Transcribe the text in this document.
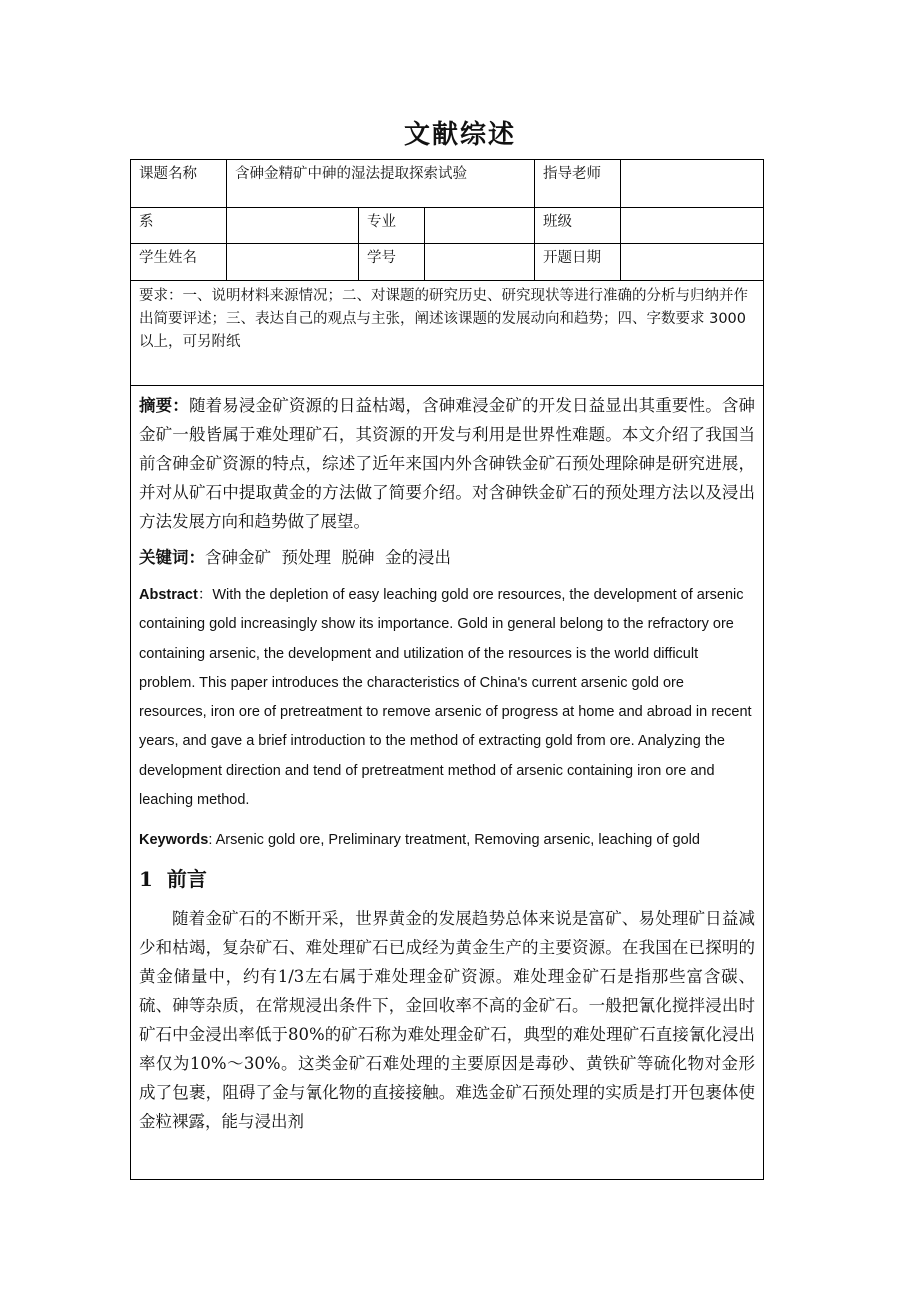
文献综述
课题名称	含砷金精矿中砷的湿法提取探索试验	指导老师
系	专业	班级
学生姓名	学号	开题日期
要求：一、说明材料来源情况；二、对课题的研究历史、研究现状等进行准确的分析与归纳并作出简要评述；三、表达自己的观点与主张，阐述该课题的发展动向和趋势；四、字数要求 3000 以上，可另附纸

摘要：随着易浸金矿资源的日益枯竭，含砷难浸金矿的开发日益显出其重要性。含砷金矿一般皆属于难处理矿石，其资源的开发与利用是世界性难题。本文介绍了我国当前含砷金矿资源的特点，综述了近年来国内外含砷铁金矿石预处理除砷是研究进展，并对从矿石中提取黄金的方法做了简要介绍。对含砷铁金矿石的预处理方法以及浸出方法发展方向和趋势做了展望。

关键词：含砷金矿  预处理  脱砷  金的浸出

Abstract：With the depletion of easy leaching gold ore resources, the development of arsenic containing gold increasingly show its importance. Gold in general belong to the refractory ore containing arsenic, the development and utilization of the resources is the world difficult problem. This paper introduces the characteristics of China's current arsenic gold ore resources, iron ore of pretreatment to remove arsenic of progress at home and abroad in recent years, and gave a brief introduction to the method of extracting gold from ore. Analyzing the development direction and tend of pretreatment method of arsenic containing iron ore and leaching method.

Keywords: Arsenic gold ore, Preliminary treatment, Removing arsenic, leaching of gold

1  前言

随着金矿石的不断开采，世界黄金的发展趋势总体来说是富矿、易处理矿日益减少和枯竭，复杂矿石、难处理矿石已成经为黄金生产的主要资源。在我国在已探明的黄金储量中，约有1/3左右属于难处理金矿资源。难处理金矿石是指那些富含碳、硫、砷等杂质，在常规浸出条件下，金回收率不高的金矿石。一般把氰化搅拌浸出时矿石中金浸出率低于80%的矿石称为难处理金矿石，典型的难处理矿石直接氰化浸出率仅为10%～30%。这类金矿石难处理的主要原因是毒砂、黄铁矿等硫化物对金形成了包裹，阻碍了金与氰化物的直接接触。难选金矿石预处理的实质是打开包裹体使金粒裸露，能与浸出剂
